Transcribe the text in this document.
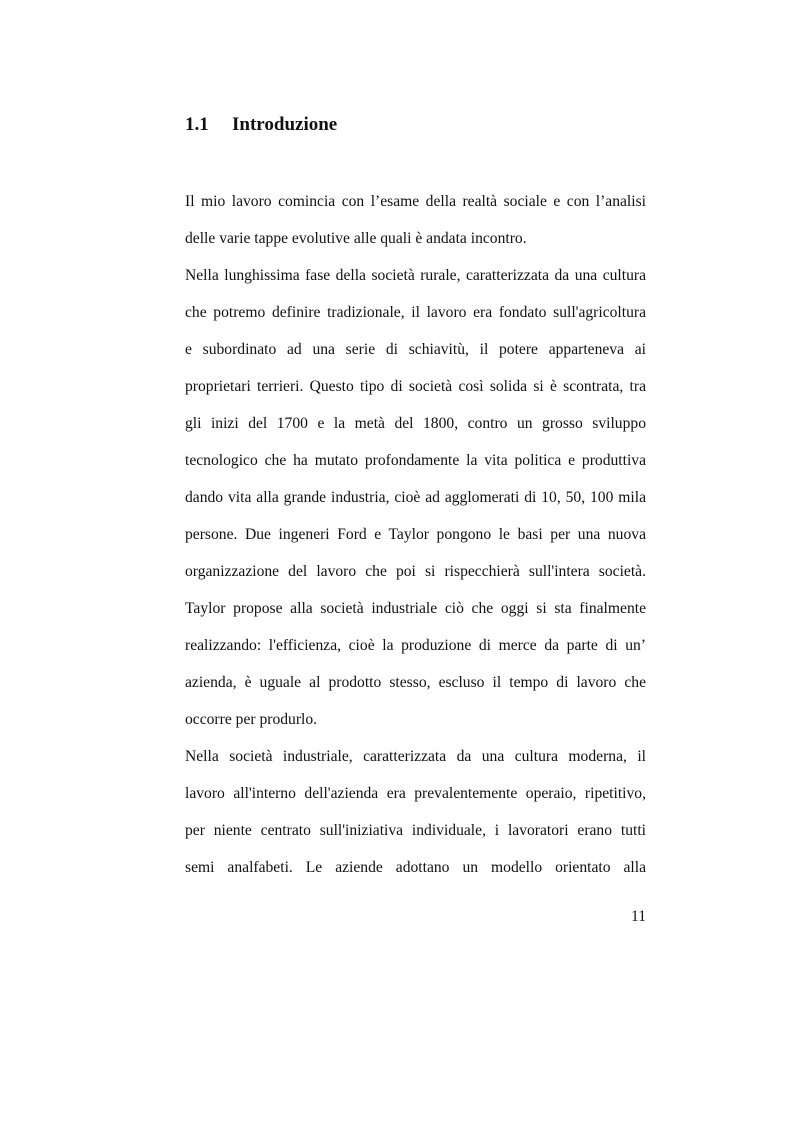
1.1 Introduzione
Il mio lavoro comincia con l’esame della realtà sociale e con l’analisi
delle varie tappe evolutive alle quali è andata incontro.
Nella lunghissima fase della società rurale, caratterizzata da una cultura
che potremo definire tradizionale, il lavoro era fondato sull'agricoltura
e subordinato ad una serie di schiavitù, il potere apparteneva ai
proprietari terrieri. Questo tipo di società così solida si è scontrata, tra
gli inizi del 1700 e la metà del 1800, contro un grosso sviluppo
tecnologico che ha mutato profondamente la vita politica e produttiva
dando vita alla grande industria, cioè ad agglomerati di 10, 50, 100 mila
persone. Due ingeneri Ford e Taylor pongono le basi per una nuova
organizzazione del lavoro che poi si rispecchierà sull'intera società.
Taylor propose alla società industriale ciò che oggi si sta finalmente
realizzando: l'efficienza, cioè la produzione di merce da parte di un’
azienda, è uguale al prodotto stesso, escluso il tempo di lavoro che
occorre per produrlo.
Nella società industriale, caratterizzata da una cultura moderna, il
lavoro all'interno dell'azienda era prevalentemente operaio, ripetitivo,
per niente centrato sull'iniziativa individuale, i lavoratori erano tutti
semi analfabeti. Le aziende adottano un modello orientato alla
11
